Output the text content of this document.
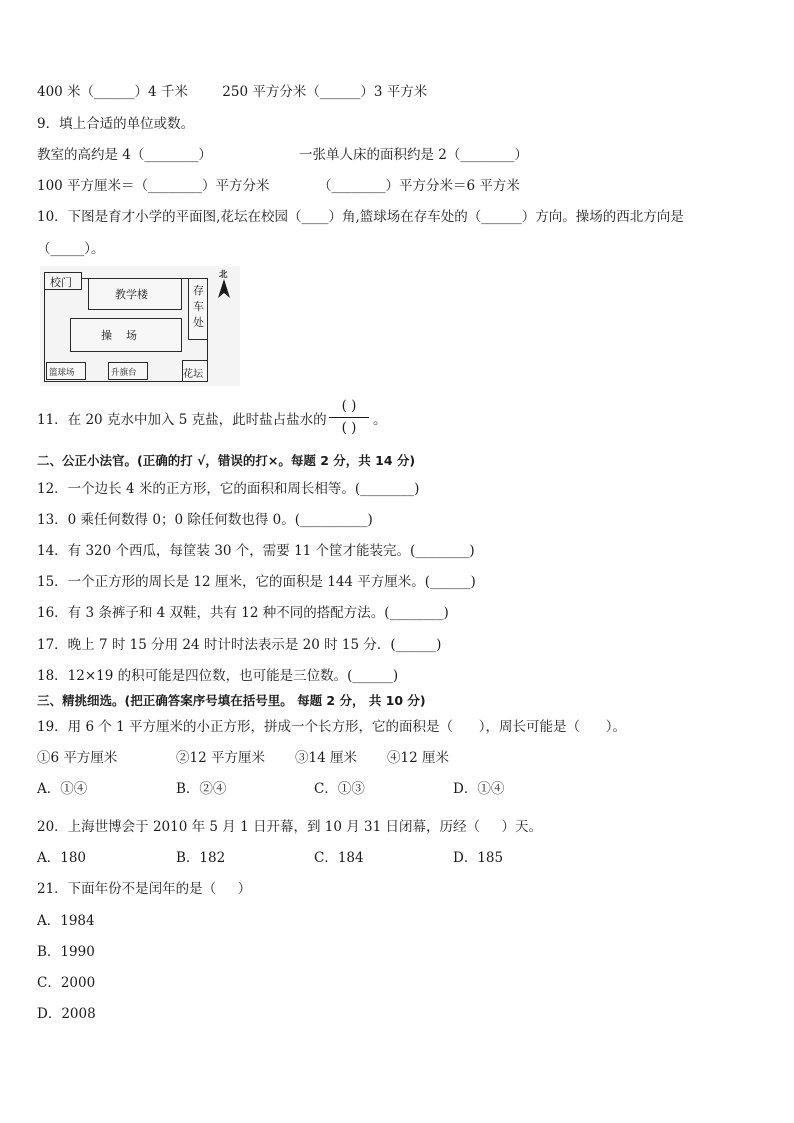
400 米（______）4 千米        250 平方分米（______）3 平方米
9．填上合适的单位或数。
教室的高约是 4（________）	一张单人床的面积约是 2（________）
100 平方厘米＝（________）平方分米	（________）平方分米＝6 平方米
10．下图是育才小学的平面图,花坛在校园（____）角,篮球场在存车处的（______）方向。操场的西北方向是
（_____）。
校门
教学楼	存
车
处
操    场
篮球场	升旗台	花坛
北
11．在 20 克水中加入 5 克盐，此时盐占盐水的
( )
( )	。
二、公正小法官。(正确的打 √，错误的打×。每题 2 分，共 14 分)
12．一个边长 4 米的正方形，它的面积和周长相等。(________)
13．0 乘任何数得 0；0 除任何数也得 0。(__________)
14．有 320 个西瓜，每筐装 30 个，需要 11 个筐才能装完。(________)
15．一个正方形的周长是 12 厘米，它的面积是 144 平方厘米。(______)
16．有 3 条裤子和 4 双鞋，共有 12 种不同的搭配方法。(________)
17．晚上 7 时 15 分用 24 时计时法表示是 20 时 15 分．(______)
18．12×19 的积可能是四位数，也可能是三位数。(______)
三、精挑细选。(把正确答案序号填在括号里。 每题 2 分， 共 10 分)
19．用 6 个 1 平方厘米的小正方形，拼成一个长方形，它的面积是（      ），周长可能是（      ）。
①6 平方厘米	②12 平方厘米 ③14 厘米 ④12 厘米
A．①④	B．②④	C．①③	D．①④
20．上海世博会于 2010 年 5 月 1 日开幕，到 10 月 31 日闭幕，历经（     ）天。
A．180	B．182	C．184	D．185
21．下面年份不是闰年的是（     ）
A．1984
B．1990
C．2000
D．2008
